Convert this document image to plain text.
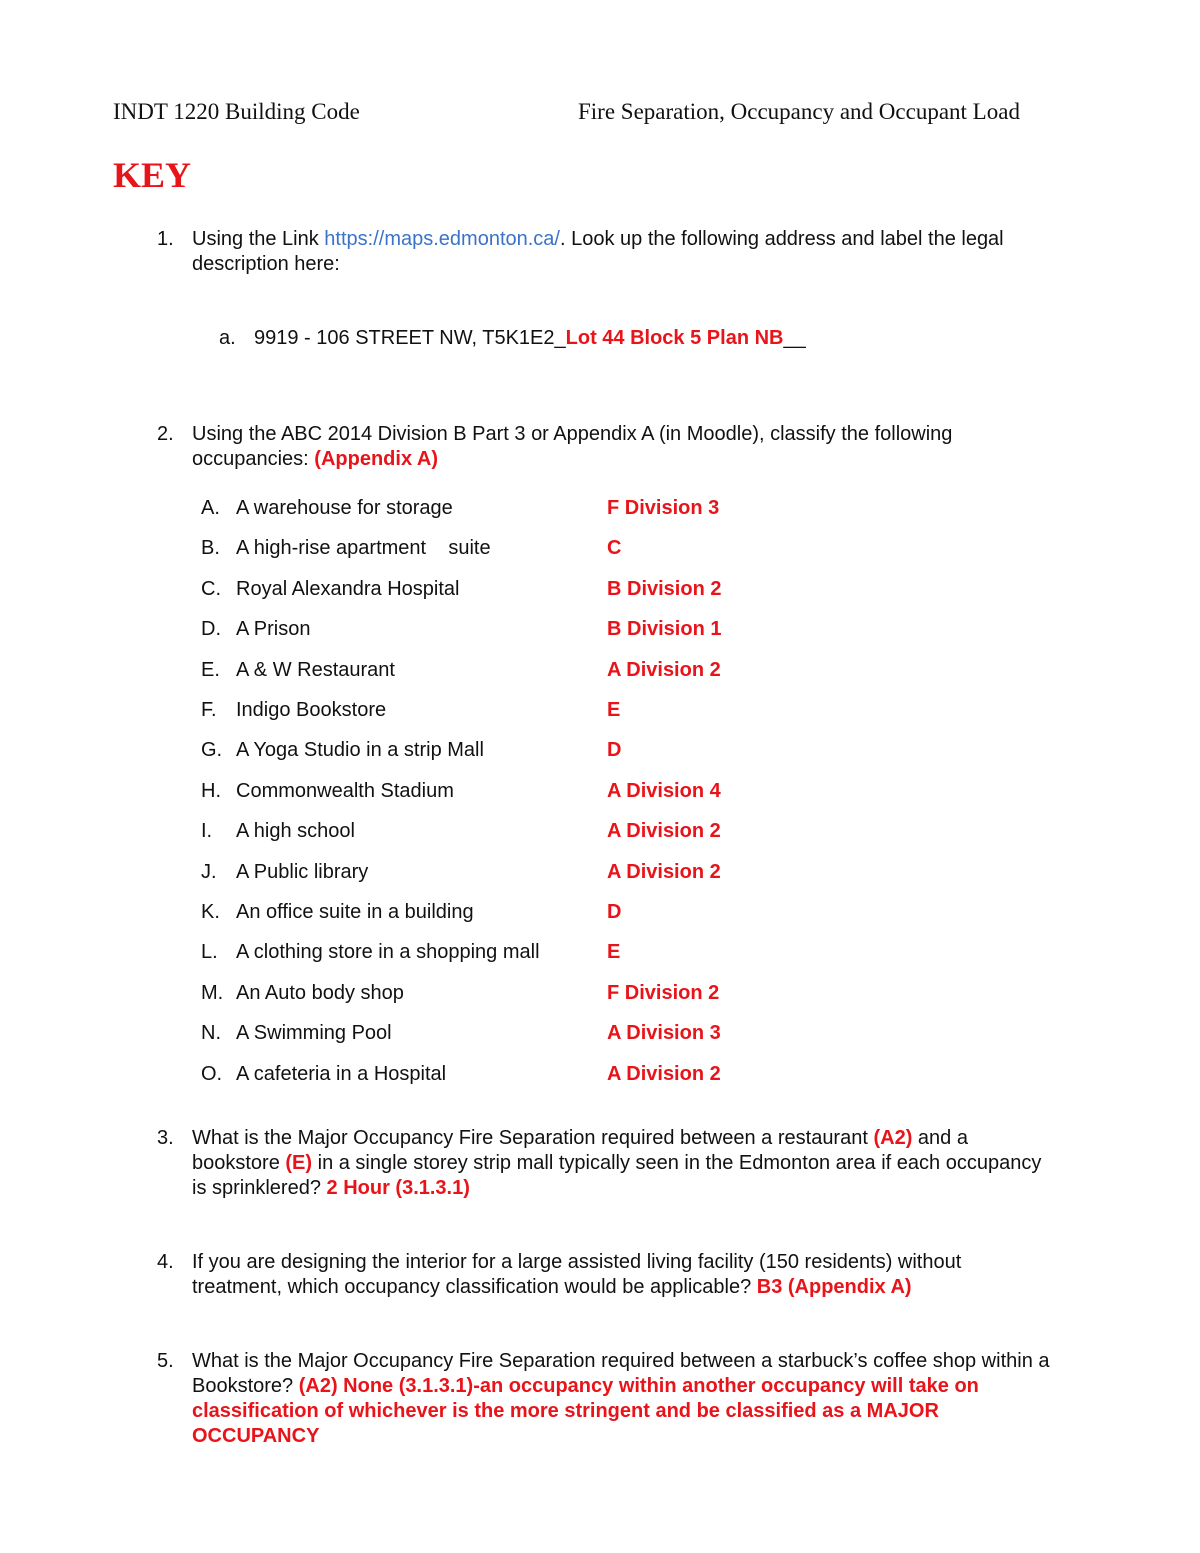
INDT 1220 Building Code	Fire Separation, Occupancy and Occupant Load
KEY
1. Using the Link https://maps.edmonton.ca/. Look up the following address and label the legal description here:
a. 9919 - 106 STREET NW, T5K1E2_Lot 44 Block 5 Plan NB__
2. Using the ABC 2014 Division B Part 3 or Appendix A (in Moodle), classify the following occupancies: (Appendix A)
A. A warehouse for storage	F Division 3
B. A high-rise apartment    suite	C
C. Royal Alexandra Hospital	B Division 2
D. A Prison	B Division 1
E. A & W Restaurant	A Division 2
F. Indigo Bookstore	E
G. A Yoga Studio in a strip Mall	D
H. Commonwealth Stadium	A Division 4
I. A high school	A Division 2
J. A Public library	A Division 2
K. An office suite in a building	D
L. A clothing store in a shopping mall	E
M. An Auto body shop	F Division 2
N. A Swimming Pool	A Division 3
O. A cafeteria in a Hospital	A Division 2
3. What is the Major Occupancy Fire Separation required between a restaurant (A2) and a bookstore (E) in a single storey strip mall typically seen in the Edmonton area if each occupancy is sprinklered? 2 Hour (3.1.3.1)
4. If you are designing the interior for a large assisted living facility (150 residents) without treatment, which occupancy classification would be applicable? B3 (Appendix A)
5. What is the Major Occupancy Fire Separation required between a starbuck’s coffee shop within a Bookstore? (A2) None (3.1.3.1)-an occupancy within another occupancy will take on classification of whichever is the more stringent and be classified as a MAJOR OCCUPANCY
